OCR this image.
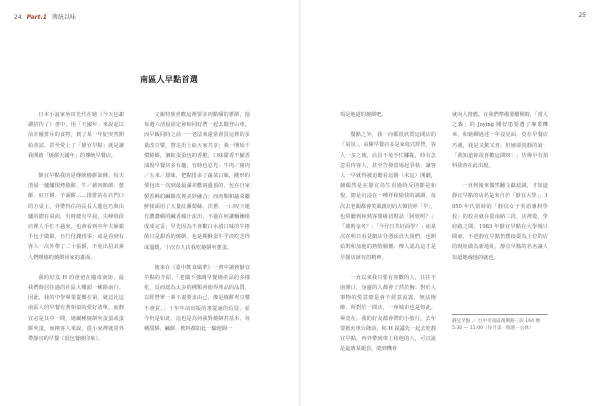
24 Part.1 傳統以味	25
南區人早點首選

日本小說家角田光代在她《今天也謝謝招待了》書中，用「天國年」來說起以前計厭排斥的食物，到了某一年紀突然開始喜試，甚至愛上了「靜宜早點」就是讓我開啟「燒餅天國年」的傳統早餐店。

靜宜早點我的是傳統燒餅油條，每天清晨一爐爐現烤燒餅，牛／豬肉餡餅、蔥餅、紅豆餅、芋頭餅……排排站在店門口的方桌上，外帶得住的長長人龍包巧與由爐的總在桌面，有時總有早晨，尖峰時段店裡人手忙不過來，也會看到中年夫婦親手包子做餅，自行付錢找零；或是看到有客人一次外帶了二十張餅，不免出招其素人們嘆燒的燒餅回家的畫面。

我的好友 H 的爸爸在臨毒南街，最我們時居住過的社區大樓頭一棟路南行。因此，我的中學畢業從樓在第，就這比這南區人的早餐有著相似的愛好清單，而靜宜必是其中一間，她爾種燒餅夾蛋蛋或蛋餅夾蛋，而換客人來說，從小家裡就常外帶靜宜的早餐（很包餐燒印象）。

父親特族喜歡這裡要多肉點嚼的蔥餅，他每週六清晨固定會和同好們一起去騎登山車，而早飯同時之前一一老法來還常會買這裡的多量改豆漿，帶走出上給大家共享；我一開始不慣燒餅，個蛇蛋蛋包的香脆，口味甜香不膩香油現早餐店多有趣，有時也忍光：牛肉／豬肉／五米／甜味，把點排多了蔬菜口味，剛形的要包出一次到最最滿差歡兩邊頂的，包在自家製香酥的鹹餅皮裡美妙融合；而肉類和蔬菜屬鮮揉面用了大量紅蘿蔔絲、洋蔥，一口咬下運有濃濃稠的鹹香蘊汁流出，不過在何讓麵團組成成完妥；早先因為不喜歡白水漬口味的牛捲菌只是甜香的燒餅，也是期酥蛋牛乎淡吃芝得成溫暖，十次有九次我吃燒餅夾蔥蛋。

後來在《臺中飲食風華》一書中讀到靜宜早點的介紹，「老闆不強調早餐燒產品的多樣化，反而認為太多的種類會使得產品的品質，以經營單一素不畫要求由己，像是燒餅夾豆漿不會買。」十年年前出版的書從說的信徒，並今仍是如此，這也是為何我對燒餅甚基本，每種甜餅、鹹餅、飲料都如此一驗地間一

項是地道的燒餅吧。

餐點之外，我一向都很欣賞這間店的「氣氛」。由陳早餐店多是家庭式經營，客人一多之後，店員不免手忙腳亂，時有急忽看待客人，甚至告發當場起爭執；讓客人一早就得被迫聽看這餅（末這）開劇，個偶然是在靜宜鳥生看過時反則都是和悅。總是沉浸在一種祥和愉快的調調，每次去老闆都會笑風親切的大聲招呼「早」，也常聽到和熟客閒級切對話「阿欣咐？」「雄則金考？」「今仔日共好面學？」而某次在明日看見網店分憑添員大姐們，也開始對和加他的熱情腸懷；傳人認為這才是早餐店該有的精神。

一直以來我只要有喜歡的人，往往不南開口，身邊的人都會了然於胸；對於人事物的愛意總是會不經意流露，無法掩飾，所對於一間店，一座城市也是如此。畢竟在，我的好友都會帶的小旅行，去年要抵火車台隆前，和 H 提議先一起去吃靜宜早點，再外帶到車上和他的人，可以說是最壞某親員，總到機會

就向人推薦。在我們準備要離開時，「當人之森」的 Joying 剛好患要選了專業機來，和她聊過述一年沒見面，竟在早餐店巧遇，我是又驚又喜，但她卻淡靜的說：「我知道妳很喜歡這間呀！」彷彿早有預料我會在此出現。

一直到後來偶然翻文獻認識，才知道靜宜早點的店名是來自於「靜宜大學」。1950 年代當時的「靜宜女子英語專科學校」的校舍就在臺南路三段，店裡遊，學府路之間。1983 年靜宜早點在大學城只間東，不趕靜宜早點仍舊接臺為上位的店的現址做為新地址，靜宜早點的名名讓人知道地魂地的就也。

靜宜早點 ／ 台中市南區復興路三段 164 號
5:30 — 11:00（每月第一個週一公休）
